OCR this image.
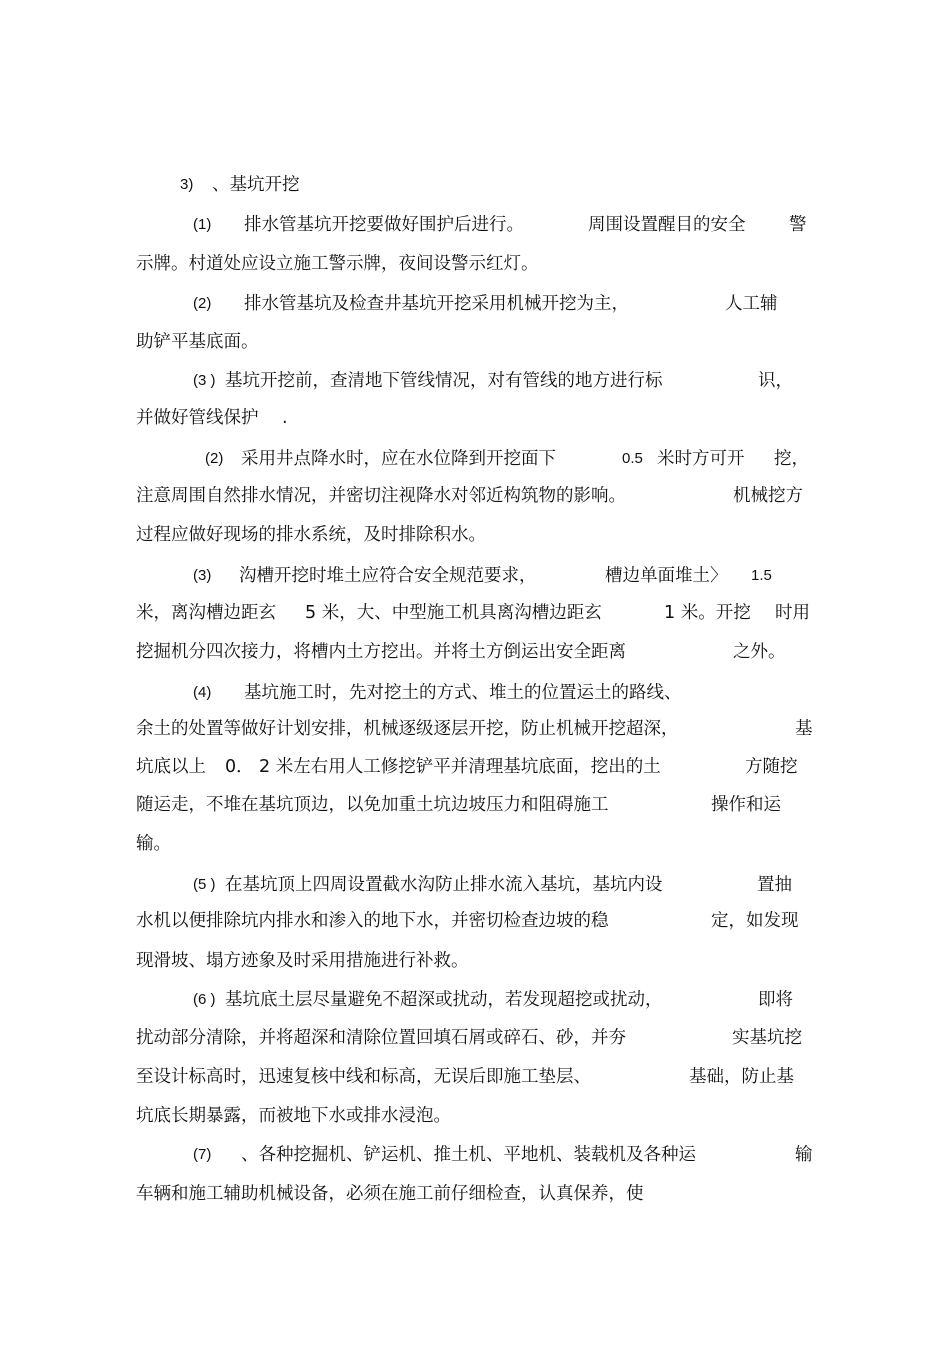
3) 、基坑开挖
(1) 排水管基坑开挖要做好围护后进行。	周围设置醒目的安全 警
示牌。村道处应设立施工警示牌，夜间设警示红灯。
(2) 排水管基坑及检查井基坑开挖采用机械开挖为主，	人工辅
助铲平基底面。
(3 ) 基坑开挖前，查清地下管线情况，对有管线的地方进行标	识，
并做好管线保护 .
(2) 采用井点降水时，应在水位降到开挖面下	0.5 米时方可开 挖，
注意周围自然排水情况，并密切注视降水对邻近构筑物的影响。	机械挖方
过程应做好现场的排水系统，及时排除积水。
(3) 沟槽开挖时堆土应符合安全规范要求，	槽边单面堆土〉 1.5
米，离沟槽边距玄 5 米，大、中型施工机具离沟槽边距玄	1 米。开挖 时用
挖掘机分四次接力，将槽内土方挖出。并将土方倒运出安全距离	之外。
(4) 基坑施工时，先对挖土的方式、堆土的位置运土的路线、
余土的处置等做好计划安排，机械逐级逐层开挖，防止机械开挖超深，	基
坑底以上 0． 2 米左右用人工修挖铲平并清理基坑底面，挖出的土	方随挖
随运走，不堆在基坑顶边，以免加重土坑边坡压力和阻碍施工	操作和运
输。
(5 ) 在基坑顶上四周设置截水沟防止排水流入基坑，基坑内设	置抽
水机以便排除坑内排水和渗入的地下水，并密切检查边坡的稳	定，如发现
现滑坡、塌方迹象及时采用措施进行补救。
(6 ) 基坑底土层尽量避免不超深或扰动，若发现超挖或扰动，	即将
扰动部分清除，并将超深和清除位置回填石屑或碎石、砂，并夯	实基坑挖
至设计标高时，迅速复核中线和标高，无误后即施工垫层、	基础，防止基
坑底长期暴露，而被地下水或排水浸泡。
(7) 、各种挖掘机、铲运机、推土机、平地机、装载机及各种运	输
车辆和施工辅助机械设备，必须在施工前仔细检查，认真保养，使
